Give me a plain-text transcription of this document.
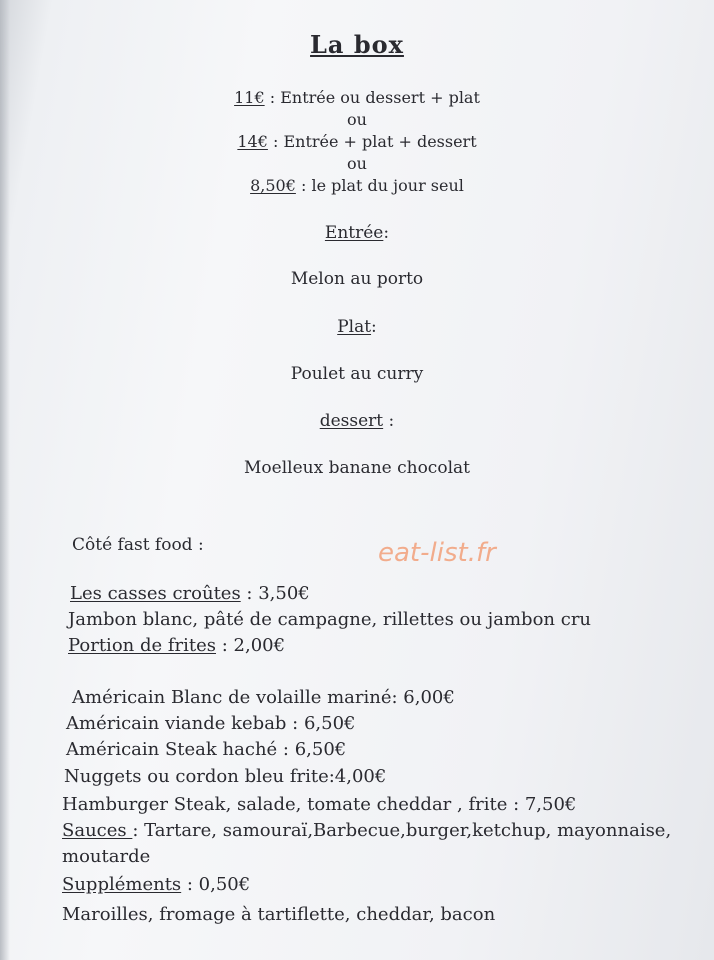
La box
11€ : Entrée ou dessert + plat
ou
14€ : Entrée + plat + dessert
ou
8,50€ : le plat du jour seul
Entrée:
Melon au porto
Plat:
Poulet au curry
dessert :
Moelleux banane chocolat
Côté fast food :	eat-list.fr
Les casses croûtes : 3,50€
Jambon blanc, pâté de campagne, rillettes ou jambon cru
Portion de frites : 2,00€
Américain Blanc de volaille mariné: 6,00€
Américain viande kebab : 6,50€
Américain Steak haché : 6,50€
Nuggets ou cordon bleu frite:4,00€
Hamburger Steak, salade, tomate cheddar , frite : 7,50€
Sauces : Tartare, samouraï,Barbecue,burger,ketchup, mayonnaise,
moutarde
Suppléments : 0,50€
Maroilles, fromage à tartiflette, cheddar, bacon
